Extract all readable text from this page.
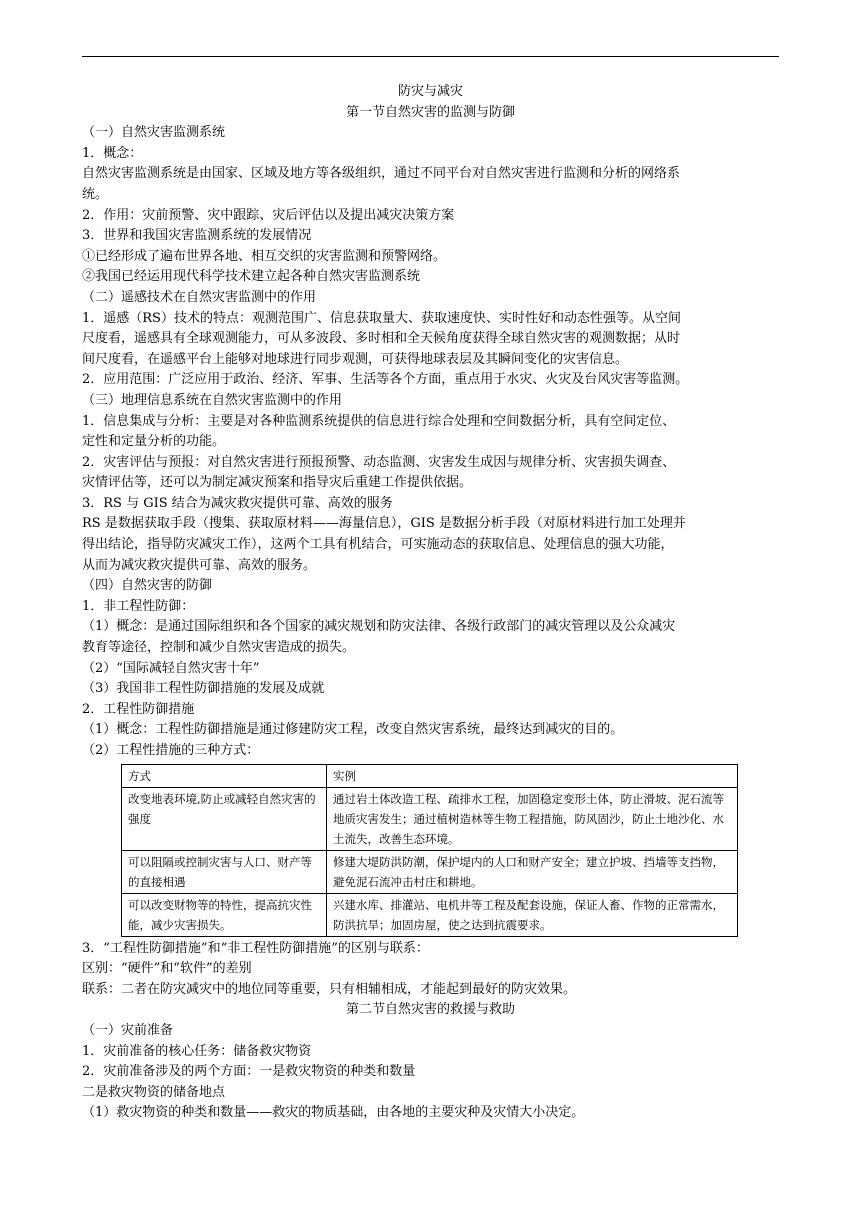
防灾与减灾
第一节自然灾害的监测与防御
（一）自然灾害监测系统
1．概念：
自然灾害监测系统是由国家、区域及地方等各级组织，通过不同平台对自然灾害进行监测和分析的网络系
统。
2．作用：灾前预警、灾中跟踪、灾后评估以及提出减灾决策方案
3．世界和我国灾害监测系统的发展情况
①已经形成了遍布世界各地、相互交织的灾害监测和预警网络。
②我国已经运用现代科学技术建立起各种自然灾害监测系统
（二）遥感技术在自然灾害监测中的作用
1．遥感（RS）技术的特点：观测范围广、信息获取量大、获取速度快、实时性好和动态性强等。从空间
尺度看，遥感具有全球观测能力，可从多波段、多时相和全天候角度获得全球自然灾害的观测数据；从时
间尺度看，在遥感平台上能够对地球进行同步观测，可获得地球表层及其瞬间变化的灾害信息。
2．应用范围：广泛应用于政治、经济、军事、生活等各个方面，重点用于水灾、火灾及台风灾害等监测。
（三）地理信息系统在自然灾害监测中的作用
1．信息集成与分析：主要是对各种监测系统提供的信息进行综合处理和空间数据分析，具有空间定位、
定性和定量分析的功能。
2．灾害评估与预报：对自然灾害进行预报预警、动态监测、灾害发生成因与规律分析、灾害损失调查、
灾情评估等，还可以为制定减灾预案和指导灾后重建工作提供依据。
3．RS 与 GIS 结合为减灾救灾提供可靠、高效的服务
RS 是数据获取手段（搜集、获取原材料——海量信息），GIS 是数据分析手段（对原材料进行加工处理并
得出结论，指导防灾减灾工作），这两个工具有机结合，可实施动态的获取信息、处理信息的强大功能，
从而为减灾救灾提供可靠、高效的服务。
（四）自然灾害的防御
1．非工程性防御：
（1）概念：是通过国际组织和各个国家的减灾规划和防灾法律、各级行政部门的减灾管理以及公众减灾
教育等途径，控制和减少自然灾害造成的损失。
（2）“国际减轻自然灾害十年”
（3）我国非工程性防御措施的发展及成就
2．工程性防御措施
（1）概念：工程性防御措施是通过修建防灾工程，改变自然灾害系统，最终达到减灾的目的。
（2）工程性措施的三种方式：
方式	实例
改变地表环境,防止或减轻自然灾害的强度	通过岩土体改造工程、疏排水工程，加固稳定变形土体，防止滑坡、泥石流等地质灾害发生；通过植树造林等生物工程措施，防风固沙，防止土地沙化、水土流失，改善生态环境。
可以阻隔或控制灾害与人口、财产等的直接相遇	修建大堤防洪防潮，保护堤内的人口和财产安全；建立护坡、挡墙等支挡物，避免泥石流冲击村庄和耕地。
可以改变财物等的特性，提高抗灾性能，减少灾害损失。	兴建水库、排灌站、电机井等工程及配套设施，保证人畜、作物的正常需水，防洪抗旱；加固房屋，使之达到抗震要求。
3．“工程性防御措施”和“非工程性防御措施”的区别与联系：
区别：“硬件”和“软件”的差别
联系：二者在防灾减灾中的地位同等重要，只有相辅相成，才能起到最好的防灾效果。
第二节自然灾害的救援与救助
（一）灾前准备
1．灾前准备的核心任务：储备救灾物资
2．灾前准备涉及的两个方面：一是救灾物资的种类和数量
二是救灾物资的储备地点
（1）救灾物资的种类和数量——救灾的物质基础，由各地的主要灾种及灾情大小决定。
